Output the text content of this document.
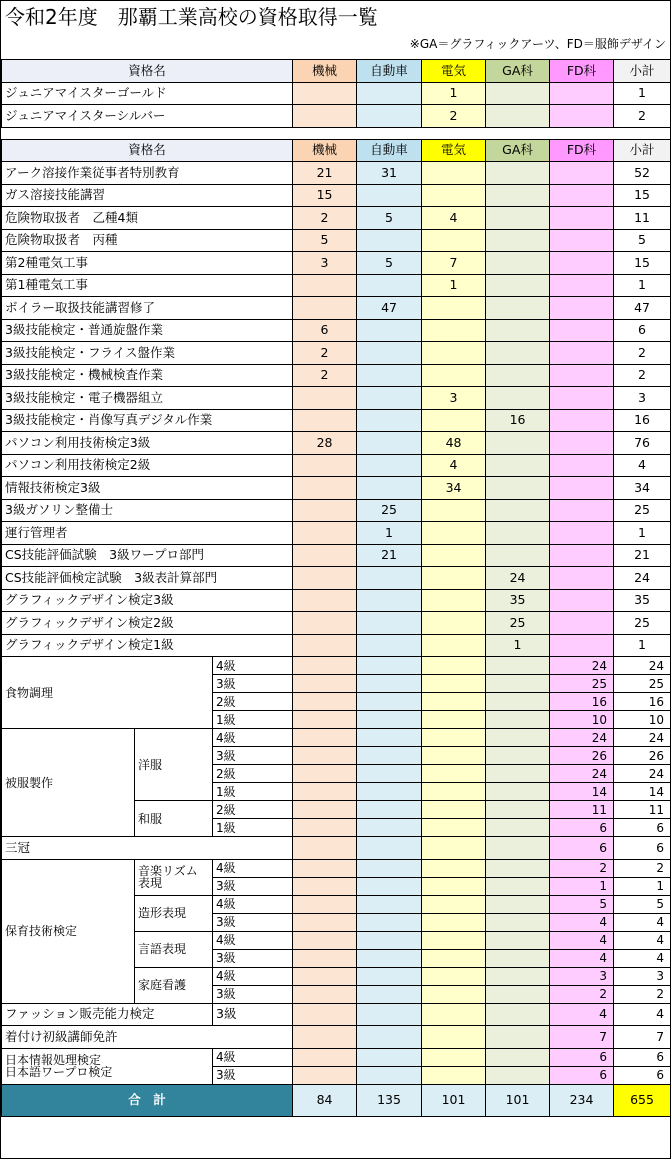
令和2年度　那覇工業高校の資格取得一覧
※GA＝グラフィックアーツ、FD＝服飾デザイン
資格名			機械	自動車	電気	GA科	FD科	小計
ジュニアマイスターゴールド					1			1
ジュニアマイスターシルバー					2			2

資格名			機械	自動車	電気	GA科	FD科	小計
アーク溶接作業従事者特別教育			21	31				52
ガス溶接技能講習			15					15
危険物取扱者　乙種4類			2	5	4			11
危険物取扱者　丙種			5					5
第2種電気工事			3	5	7			15
第1種電気工事					1			1
ボイラー取扱技能講習修了				47				47
3級技能検定・普通旋盤作業			6					6
3級技能検定・フライス盤作業			2					2
3級技能検定・機械検査作業			2					2
3級技能検定・電子機器組立					3			3
3級技能検定・肖像写真デジタル作業						16		16
パソコン利用技術検定3級			28		48			76
パソコン利用技術検定2級					4			4
情報技術検定3級					34			34
3級ガソリン整備士				25				25
運行管理者				1				1
CS技能評価試験　3級ワープロ部門				21				21
CS技能評価検定試験　3級表計算部門						24		24
グラフィックデザイン検定3級						35		35
グラフィックデザイン検定2級						25		25
グラフィックデザイン検定1級						1		1
食物調理		4級					24	24
		3級					25	25
		2級					16	16
		1級					10	10
被服製作	洋服	4級					24	24
		3級					26	26
		2級					24	24
		1級					14	14
	和服	2級					11	11
		1級					6	6
三冠							6	6
保育技術検定	音楽リズム表現	4級					2	2
		3級					1	1
	造形表現	4級					5	5
		3級					4	4
	言語表現	4級					4	4
		3級					4	4
	家庭看護	4級					3	3
		3級					2	2
ファッション販売能力検定		3級					4	4
着付け初級講師免許							7	7

日本情報処理検定
日本語ワープロ検定		4級					6	6
		3級					6	6
合　計			84	135	101	101	234	655
